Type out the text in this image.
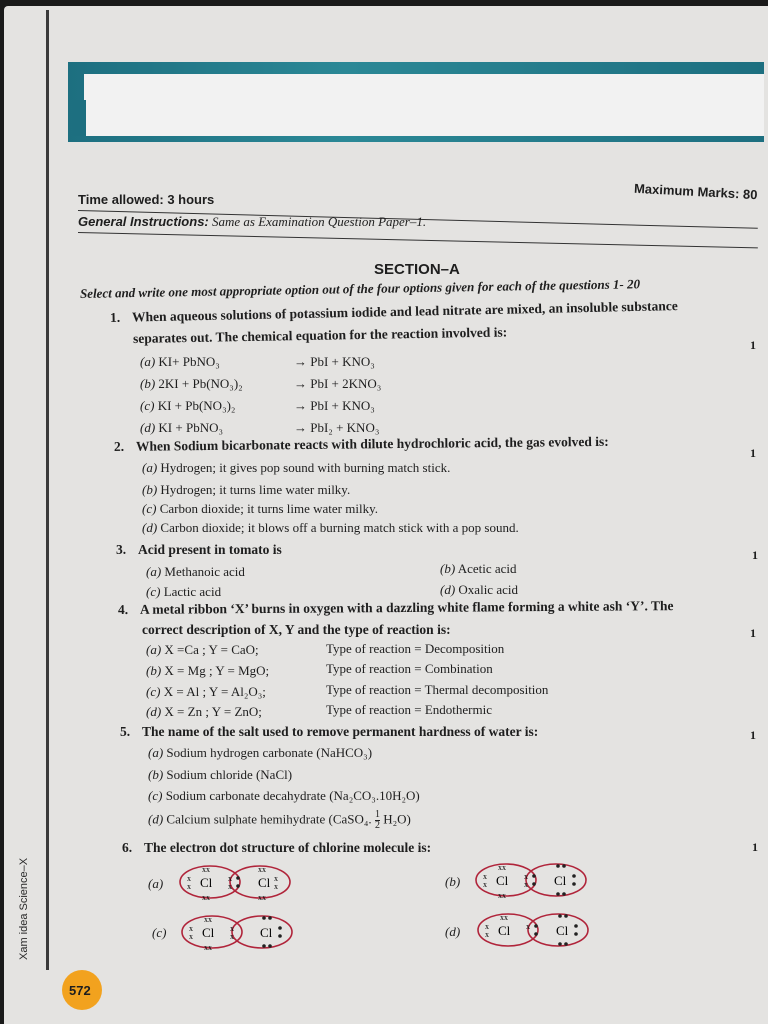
Xam idea Science–X
572
Time allowed: 3 hours	Maximum Marks: 80
General Instructions: Same as Examination Question Paper–1.
SECTION–A
Select and write one most appropriate option out of the four options given for each of the questions 1- 20
1. When aqueous solutions of potassium iodide and lead nitrate are mixed, an insoluble substance
separates out. The chemical equation for the reaction involved is:	1
(a) KI+ PbNO₃	→ PbI + KNO₃
(b) 2KI + Pb(NO₃)₂	→ PbI + 2KNO₃
(c) KI + Pb(NO₃)₂	→ PbI + KNO₃
(d) KI + PbNO₃	→ PbI₂ + KNO₃
2. When Sodium bicarbonate reacts with dilute hydrochloric acid, the gas evolved is:	1
(a) Hydrogen; it gives pop sound with burning match stick.
(b) Hydrogen; it turns lime water milky.
(c) Carbon dioxide; it turns lime water milky.
(d) Carbon dioxide; it blows off a burning match stick with a pop sound.
3. Acid present in tomato is	1
(a) Methanoic acid	(b) Acetic acid
(c) Lactic acid	(d) Oxalic acid
4. A metal ribbon ‘X’ burns in oxygen with a dazzling white flame forming a white ash ‘Y’. The
correct description of X, Y and the type of reaction is:	1
(a) X =Ca ; Y = CaO;	Type of reaction = Decomposition
(b) X = Mg ; Y = MgO;	Type of reaction = Combination
(c) X = Al ; Y = Al₂O₃;	Type of reaction = Thermal decomposition
(d) X = Zn ; Y = ZnO;	Type of reaction = Endothermic
5. The name of the salt used to remove permanent hardness of water is:	1
(a) Sodium hydrogen carbonate (NaHCO₃)
(b) Sodium chloride (NaCl)
(c) Sodium carbonate decahydrate (Na₂CO₃.10H₂O)
(d) Calcium sulphate hemihydrate (CaSO₄. $\frac{1}{2} H_2O$)
6. The electron dot structure of chlorine molecule is:	1
(a)	(b)
(c)	(d)
Cl	Cl
xx
xx
xx
xx
x
x
x
x
x
x	Cl	Cl
xx
xx
x
x
x
x
Cl	Cl
xx
xx
x
x
x
x	Cl	Cl
xx
x
x
x
